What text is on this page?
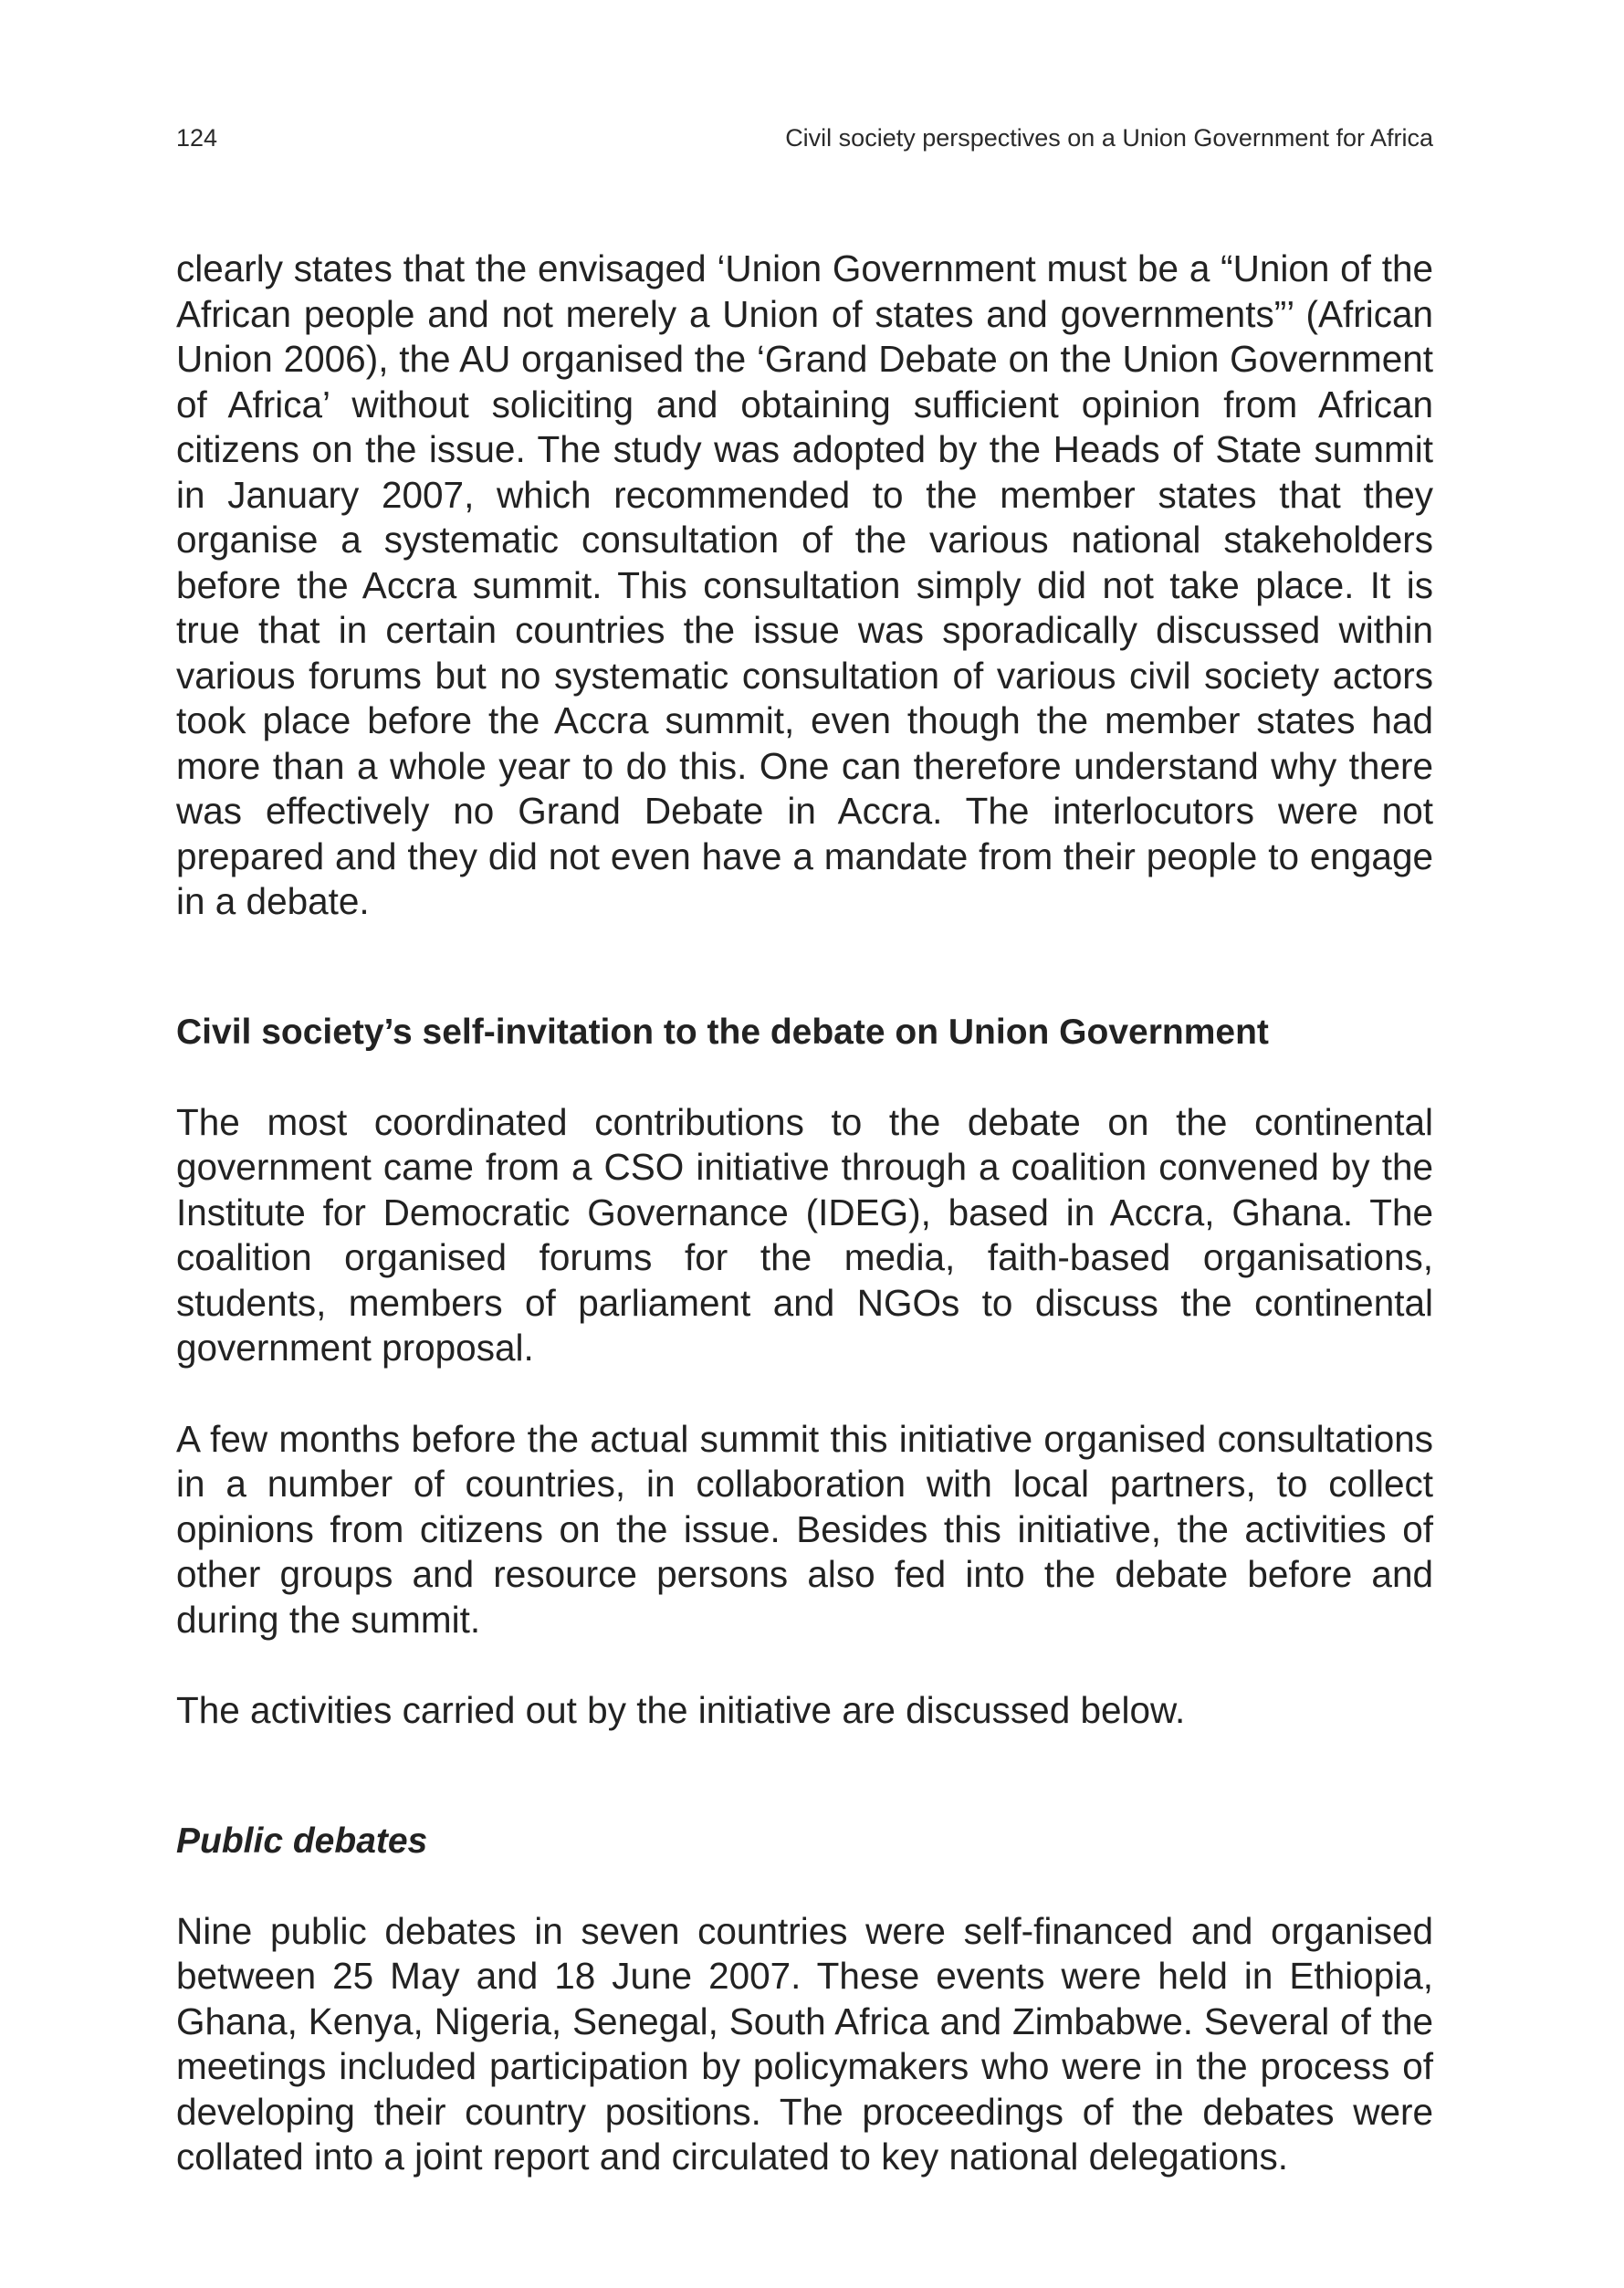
124	Civil society perspectives on a Union Government for Africa

clearly states that the envisaged ‘Union Government must be a “Union of the African people and not merely a Union of states and governments”’ (African Union 2006), the AU organised the ‘Grand Debate on the Union Government of Africa’ without soliciting and obtaining sufficient opinion from African citizens on the issue. The study was adopted by the Heads of State summit in January 2007, which recommended to the member states that they organise a systematic consultation of the various national stakeholders before the Accra summit. This consultation simply did not take place. It is true that in certain countries the issue was sporadically discussed within various forums but no systematic consultation of various civil society actors took place before the Accra summit, even though the member states had more than a whole year to do this. One can therefore understand why there was effectively no Grand Debate in Accra. The interlocutors were not prepared and they did not even have a mandate from their people to engage in a debate.

Civil society’s self-invitation to the debate on Union Government

The most coordinated contributions to the debate on the continental government came from a CSO initiative through a coalition convened by the Institute for Democratic Governance (IDEG), based in Accra, Ghana. The coalition organised forums for the media, faith-based organisations, students, members of parliament and NGOs to discuss the continental government proposal.

A few months before the actual summit this initiative organised consultations in a number of countries, in collaboration with local partners, to collect opinions from citizens on the issue. Besides this initiative, the activities of other groups and resource persons also fed into the debate before and during the summit.

The activities carried out by the initiative are discussed below.

Public debates

Nine public debates in seven countries were self-financed and organised between 25 May and 18 June 2007. These events were held in Ethiopia, Ghana, Kenya, Nigeria, Senegal, South Africa and Zimbabwe. Several of the meetings included participation by policymakers who were in the process of developing their country positions. The proceedings of the debates were collated into a joint report and circulated to key national delegations.
